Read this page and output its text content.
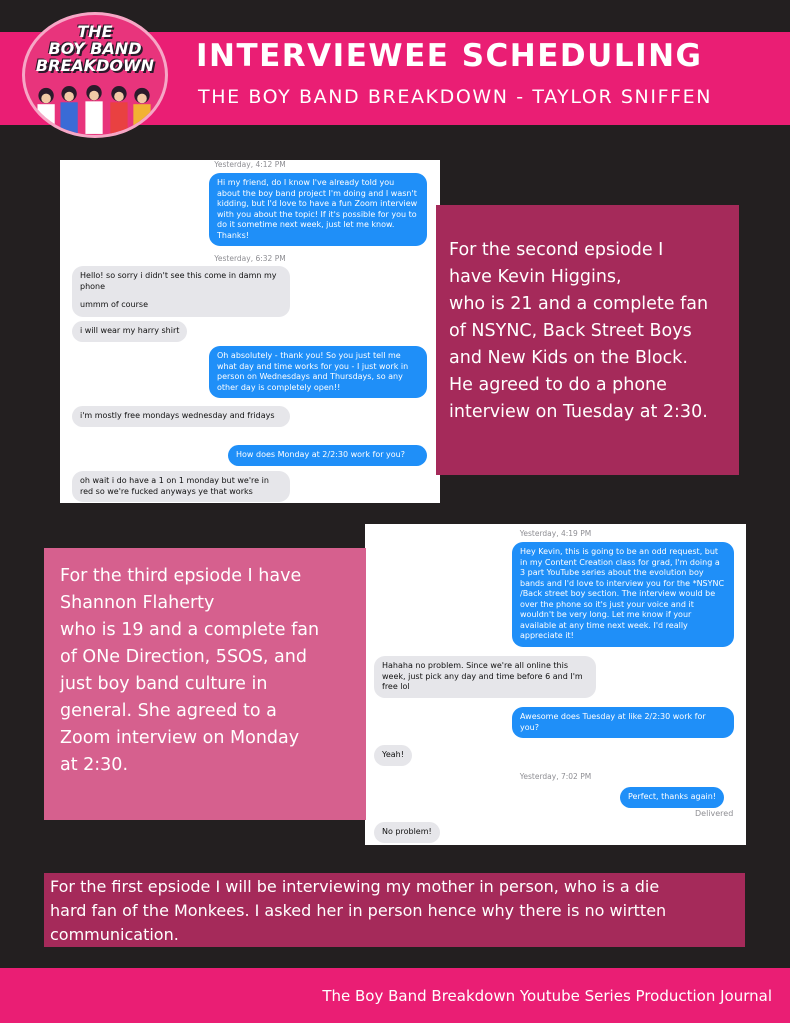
INTERVIEWEE SCHEDULING
THE BOY BAND BREAKDOWN - TAYLOR SNIFFEN
THE
BOY BAND
BREAKDOWN
Yesterday, 4:12 PM
Hi my friend, do I know I've already told you about the boy band project I'm doing and I wasn't kidding, but I'd love to have a fun Zoom interview with you about the topic! If it's possible for you to do it sometime next week, just let me know. Thanks!
Yesterday, 6:32 PM
Hello! so sorry i didn't see this come in damn my phone
ummm of course
i will wear my harry shirt
Oh absolutely - thank you! So you just tell me what day and time works for you - I just work in person on Wednesdays and Thursdays, so any other day is completely open!!
i'm mostly free mondays wednesday and fridays
How does Monday at 2/2:30 work for you?
oh wait i do have a 1 on 1 monday but we're in red so we're fucked anyways ye that works
For the second epsiode I
have Kevin Higgins,
who is 21 and a complete fan
of NSYNC, Back Street Boys
and New Kids on the Block.
He agreed to do a phone
interview on Tuesday at 2:30.
Yesterday, 4:19 PM
Hey Kevin, this is going to be an odd request, but in my Content Creation class for grad, I'm doing a 3 part YouTube series about the evolution boy bands and I'd love to interview you for the *NSYNC /Back street boy section. The interview would be over the phone so it's just your voice and it wouldn't be very long. Let me know if your available at any time next week. I'd really appreciate it!
Hahaha no problem. Since we're all online this week, just pick any day and time before 6 and I'm free lol
Awesome does Tuesday at like 2/2:30 work for you?
Yeah!
Yesterday, 7:02 PM
Perfect, thanks again!
Delivered
No problem!
For the third epsiode I have
Shannon Flaherty
who is 19 and a complete fan
of ONe Direction, 5SOS, and
just boy band culture in
general. She agreed to a
Zoom interview on Monday
at 2:30.
For the first epsiode I will be interviewing my mother in person, who is a die
hard fan of the Monkees. I asked her in person hence why there is no wirtten
communication.
The Boy Band Breakdown Youtube Series Production Journal
